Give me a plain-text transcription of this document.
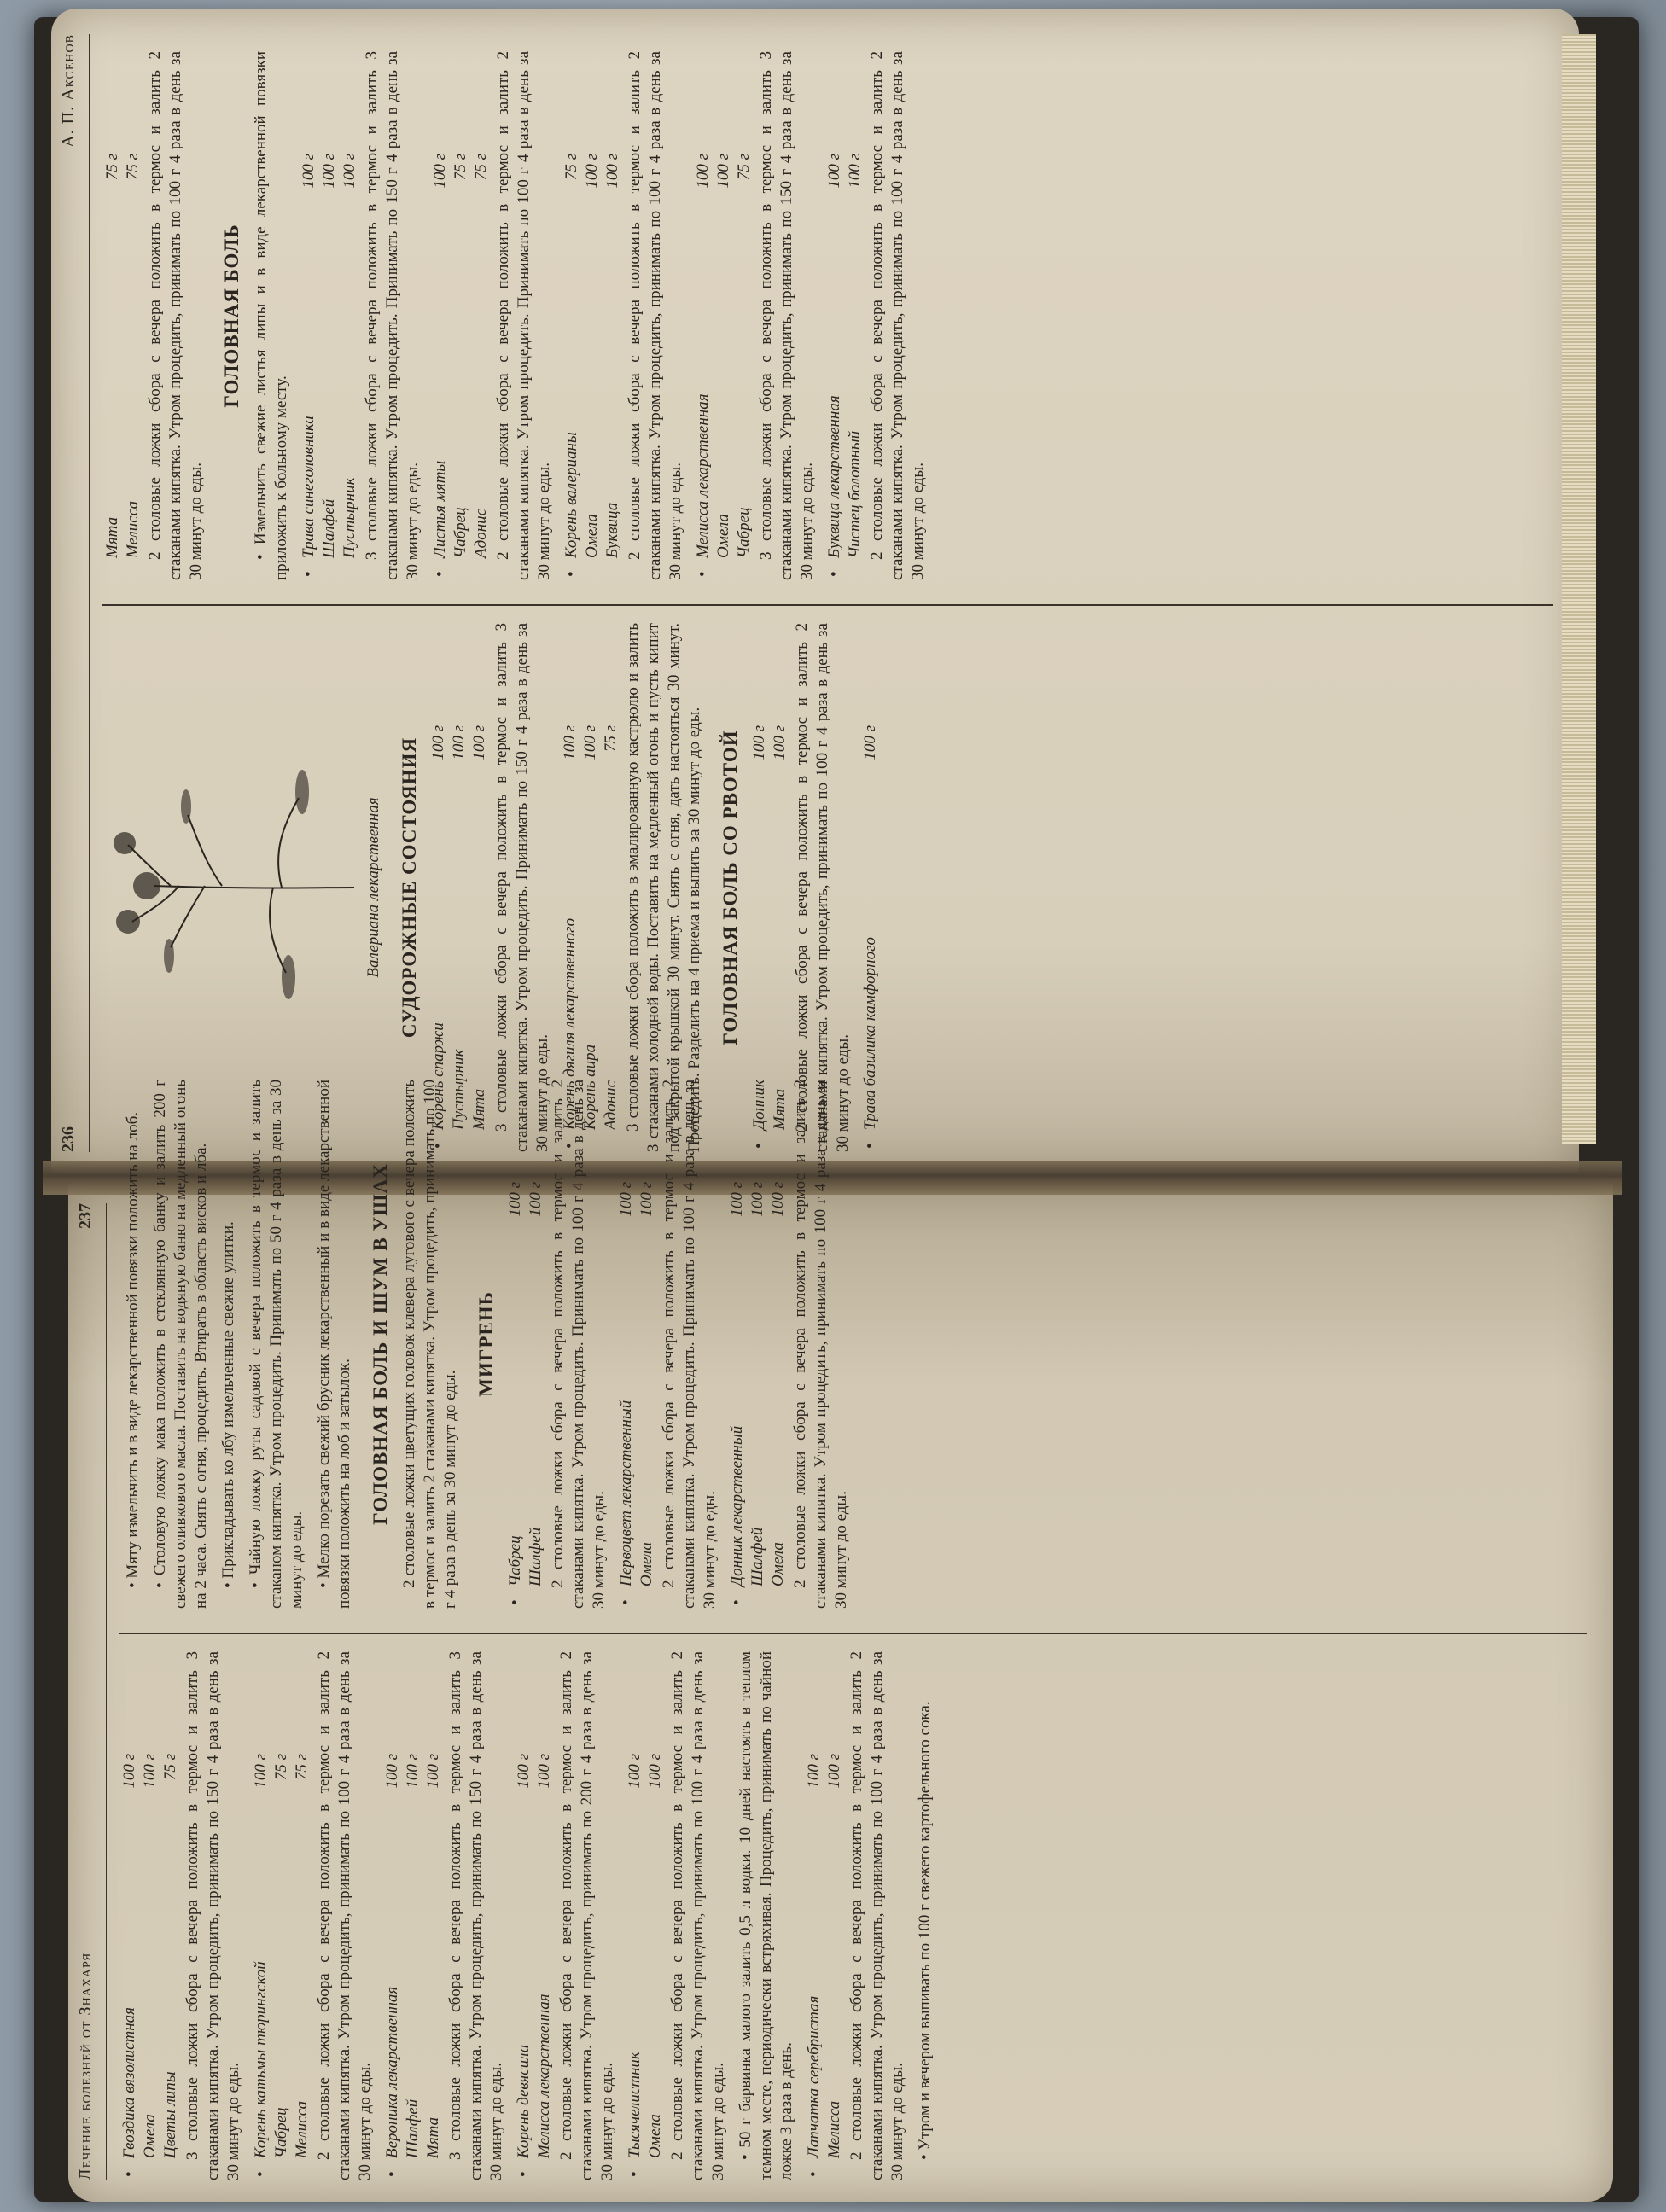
236
А. П. Аксенов
Валериана лекарственная СУДОРОЖНЫЕ СОСТОЯНИЯ
• Корень спаржи
100 г
Пустырник
100 г
Мята
100 г 3 столовые ложки сбора с вечера положить в термос и залить 3 стаканами кипятка. Утром процедить. Принимать по 150 г 4 раза в день за 30 минут до еды. • Корень дягиля лекарственного
100 г
Корень аира
100 г
Адонис
75 г 3 столовые ложки сбора положить в эмалированную кастрюлю и залить 3 стаканами холодной воды. Поставить на медленный огонь и пусть кипит под закрытой крышкой 30 минут. Снять с огня, дать настояться 30 минут. Процедить. Разделить на 4 приема и выпить за 30 минут до еды. ГОЛОВНАЯ БОЛЬ СО РВОТОЙ
• Донник
100 г
Мята
100 г 2 столовые ложки сбора с вечера положить в термос и залить 2 стаканами кипятка. Утром процедить, принимать по 100 г 4 раза в день за 30 минут до еды. • Трава базилика камфорного
100 г
Мята
75 г
Мелисса
75 г 2 столовые ложки сбора с вечера положить в термос и залить 2 стаканами кипятка. Утром процедить, принимать по 100 г 4 раза в день за 30 минут до еды.

ГОЛОВНАЯ БОЛЬ • Измельчить свежие листья липы и в виде лекарственной повязки приложить к больному месту. • Трава синеголовника
100 г
Шалфей
100 г
Пустырник
100 г 3 столовые ложки сбора с вечера положить в термос и залить 3 стаканами кипятка. Утром процедить. Принимать по 150 г 4 раза в день за 30 минут до еды. • Листья мяты
100 г
Чабрец
75 г
Адонис
75 г 2 столовые ложки сбора с вечера положить в термос и залить 2 стаканами кипятка. Утром процедить. Принимать по 100 г 4 раза в день за 30 минут до еды. • Корень валерианы
75 г
Омела
100 г
Буквица
100 г 2 столовые ложки сбора с вечера положить в термос и залить 2 стаканами кипятка. Утром процедить, принимать по 100 г 4 раза в день за 30 минут до еды. • Мелисса лекарственная
100 г
Омела
100 г
Чабрец
75 г 3 столовые ложки сбора с вечера положить в термос и залить 3 стаканами кипятка. Утром процедить, принимать по 150 г 4 раза в день за 30 минут до еды. • Буквица лекарственная
100 г
Чистец болотный
100 г 2 столовые ложки сбора с вечера положить в термос и залить 2 стаканами кипятка. Утром процедить, принимать по 100 г 4 раза в день за 30 минут до еды.

Лечение болезней от Знахаря
237
• Гвоздика вязолистная
100 г
Омела
100 г
Цветы липы
75 г 3 столовые ложки сбора с вечера положить в термос и залить 3 стаканами кипятка. Утром процедить, принимать по 150 г 4 раза в день за 30 минут до еды. • Корень катьмы тюрингской
100 г
Чабрец
75 г
Мелисса
75 г 2 столовые ложки сбора с вечера положить в термос и залить 2 стаканами кипятка. Утром процедить, принимать по 100 г 4 раза в день за 30 минут до еды. • Вероника лекарственная
100 г
Шалфей
100 г
Мята
100 г 3 столовые ложки сбора с вечера положить в термос и залить 3 стаканами кипятка. Утром процедить, принимать по 150 г 4 раза в день за 30 минут до еды. • Корень девясила
100 г
Мелисса лекарственная
100 г 2 столовые ложки сбора с вечера положить в термос и залить 2 стаканами кипятка. Утром процедить, принимать по 200 г 4 раза в день за 30 минут до еды. • Тысячелистник
100 г
Омела
100 г 2 столовые ложки сбора с вечера положить в термос и залить 2 стаканами кипятка. Утром процедить, принимать по 100 г 4 раза в день за 30 минут до еды. • 50 г барвинка малого залить 0,5 л водки. 10 дней настоять в теплом темном месте, периодически встряхивая. Процедить, принимать по чайной ложке 3 раза в день. • Лапчатка серебристая
100 г
Мелисса
100 г 2 столовые ложки сбора с вечера положить в термос и залить 2 стаканами кипятка. Утром процедить, принимать по 100 г 4 раза в день за 30 минут до еды. • Утром и вечером выпивать по 100 г свежего картофельного сока.

• Мяту измельчить и в виде лекарственной повязки положить на лоб. • Столовую ложку мака положить в стеклянную банку и залить 200 г свежего оливкового масла. Поставить на водяную баню на медленный огонь на 2 часа. Снять с огня, процедить. Втирать в область висков и лба. • Прикладывать ко лбу измельченные свежие улитки. • Чайную ложку руты садовой с вечера положить в термос и залить стаканом кипятка. Утром процедить. Принимать по 50 г 4 раза в день за 30 минут до еды. • Мелко порезать свежий брусник лекарственный и в виде лекарственной повязки положить на лоб и затылок. ГОЛОВНАЯ БОЛЬ И ШУМ В УШАХ 2 столовые ложки цветущих головок клевера лугового с вечера положить в термос и залить 2 стаканами кипятка. Утром процедить, принимать по 100 г 4 раза в день за 30 минут до еды.

МИГРЕНЬ
• Чабрец
100 г
Шалфей
100 г 2 столовые ложки сбора с вечера положить в термос и залить 2 стаканами кипятка. Утром процедить. Принимать по 100 г 4 раза в день за 30 минут до еды. • Первоцвет лекарственный
100 г
Омела
100 г 2 столовые ложки сбора с вечера положить в термос и залить 2 стаканами кипятка. Утром процедить. Принимать по 100 г 4 раза в день за 30 минут до еды. • Донник лекарственный
100 г
Шалфей
100 г
Омела
100 г 2 столовые ложки сбора с вечера положить в термос и залить 2 стаканами кипятка. Утром процедить, принимать по 100 г 4 раза в день за 30 минут до еды.
